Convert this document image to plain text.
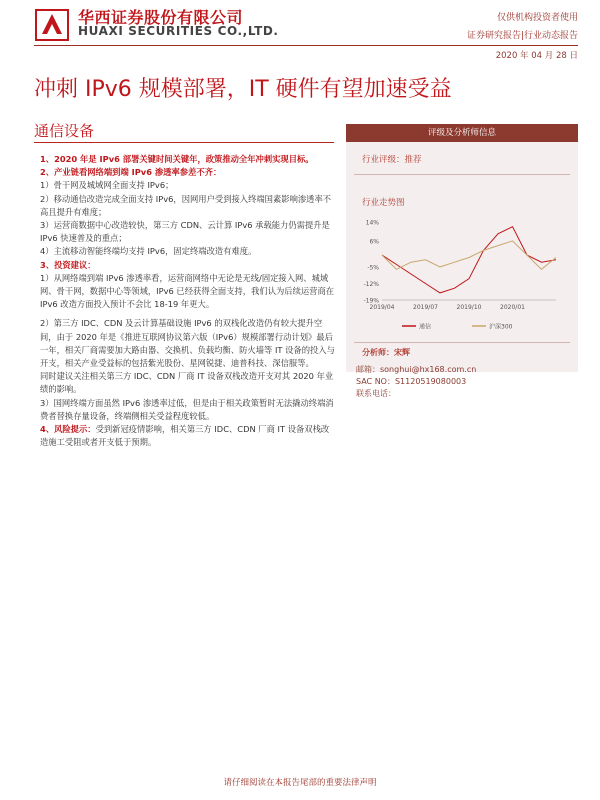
华西证券股份有限公司
HUAXI SECURITIES CO.,LTD.
仅供机构投资者使用
证券研究报告|行业动态报告
2020 年 04 月 28 日
冲刺 IPv6 规模部署，IT 硬件有望加速受益
通信设备

1、2020 年是 IPv6 部署关键时间关键年，政策推动全年冲刺实现目标。

2、产业链看网络端到端 IPv6 渗透率参差不齐：

1）骨干网及城域网全面支持 IPv6；

2）移动通信改造完成全面支持 IPv6，因网用户受到接入终端国素影响渗透率不高且提升有难度；

3）运营商数据中心改造较快，第三方 CDN、云计算 IPv6 承载能力仍需提升是 IPv6 快速普及的重点；

4）主流移动智能终端均支持 IPv6，固定终端改造有难度。

3、投资建议：

1）从网络端到端 IPv6 渗透率看，运营商网络中无论是无线/固定接入网、城域网、骨干网，数据中心等领域，IPv6 已经获得全面支持，我们认为后续运营商在 IPv6 改造方面投入预计不会比 18-19 年更大。

2）第三方 IDC、CDN 及云计算基础设施 IPv6 的双栈化改造仍有较大提升空间，由于 2020 年是《推进互联网协议第六版（IPv6）规模部署行动计划》最后一年，相关厂商需要加大路由器、交换机、负载均衡、防火墙等 IT 设备的投入与开支，相关产业受益标的包括紫光股份、星网锐捷、迪普科技、深信服等。

同时建议关注相关第三方 IDC、CDN 厂商 IT 设备双栈改造开支对其 2020 年业绩的影响。

3）国网终端方面虽然 IPv6 渗透率过低，但是由于相关政策暂时无法撬动终端消费者替换存量设备，终端侧相关受益程度较低。

4、风险提示：受到新冠疫情影响，相关第三方 IDC、CDN 厂商 IT 设备双栈改造施工受阻或者开支低于预期。

评级及分析师信息
行业评级：推荐
行业走势图
14%
6%
-5%
-12%
-19%
2019/04	2019/07	2019/10	2020/01
通信	沪深300
分析师：宋辉
邮箱：songhui@hx168.com.cn
SAC NO：S1120519080003
联系电话：
请仔细阅读在本报告尾部的重要法律声明
